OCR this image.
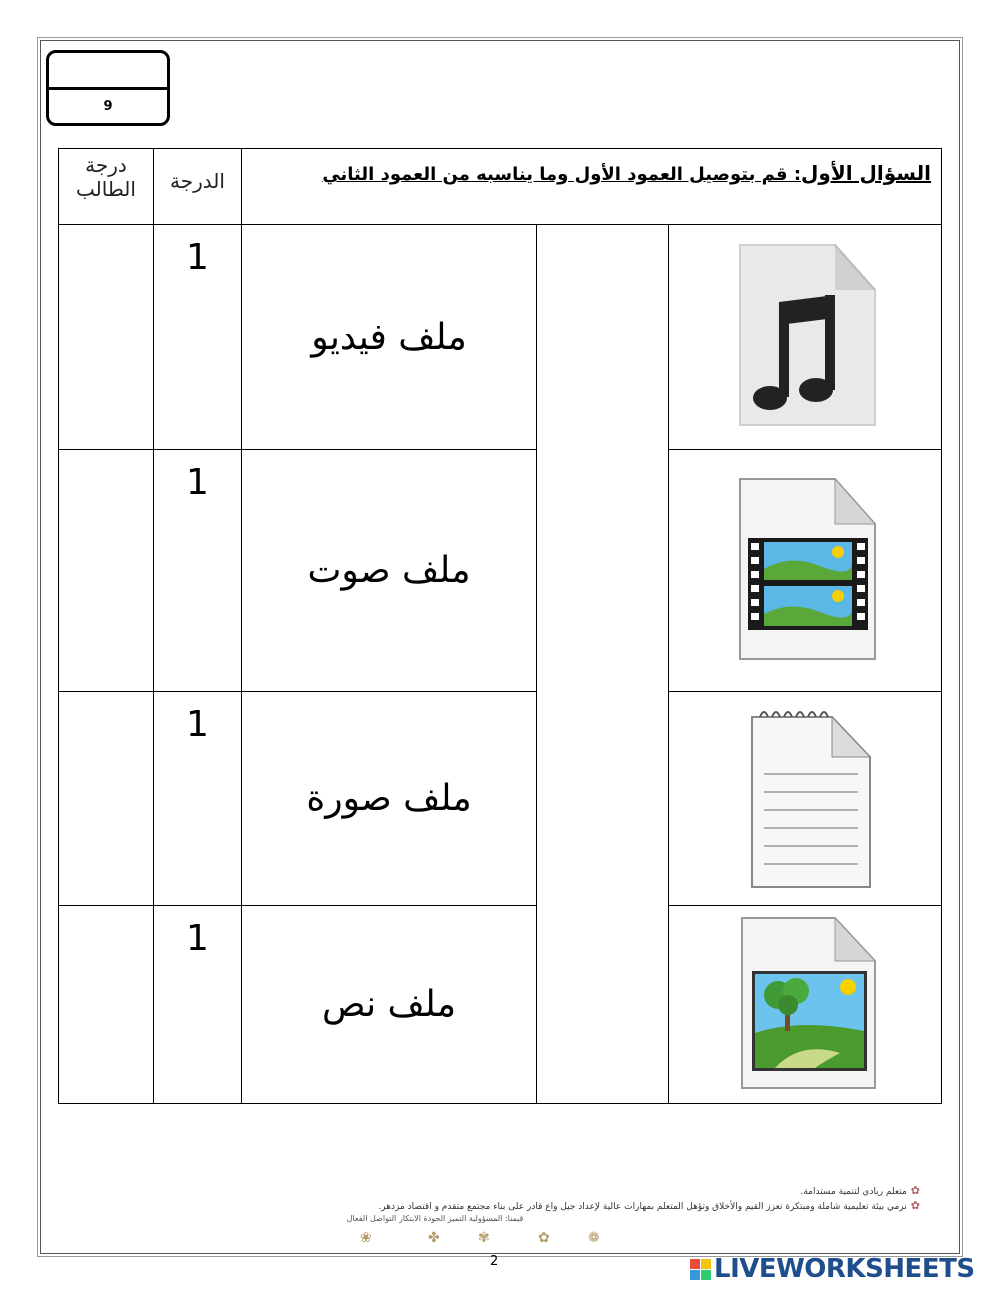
9
درجة الطالب	الدرجة	السؤال الأول: قم بتوصيل العمود الأول وما يناسبه من العمود الثاني		
	1	ملف فيديو		
	1	ملف صوت	
	1	ملف صورة	
	1	ملف نص	
✿متعلم ريادي لتنمية مستدامة.
✿نرمي بيئة تعليمية شاملة ومبتكرة تعزز القيم والأخلاق وتؤهل المتعلم بمهارات عالية لإعداد جيل واع قادر على بناء مجتمع متقدم و اقتصاد مزدهر.
قيمنا: المسؤولية التميز الجودة الابتكار التواصل الفعال
❀	✤	✾	✿	❁
2	LIVEWORKSHEETS
